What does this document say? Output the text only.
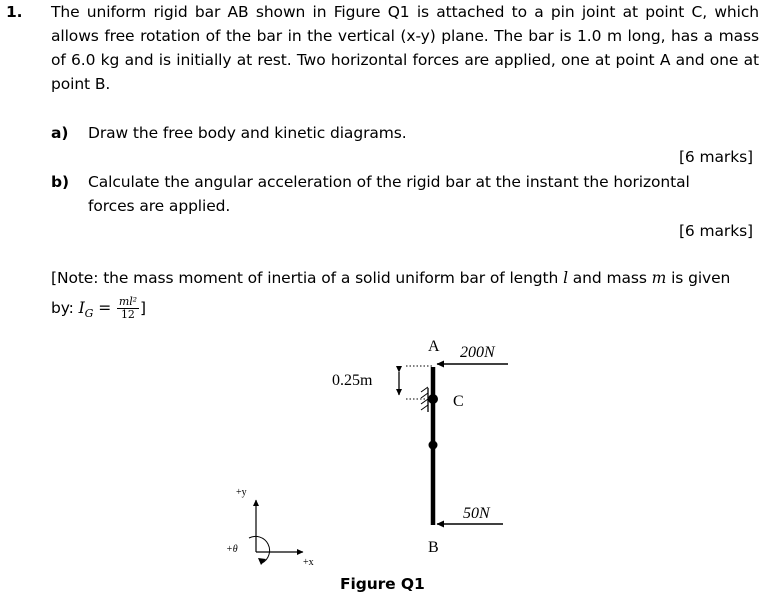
1. The uniform rigid bar AB shown in Figure Q1 is attached to a pin joint at point C, which allows free rotation of the bar in the vertical (x-y) plane. The bar is 1.0 m long, has a mass of 6.0 kg and is initially at rest. Two horizontal forces are applied, one at point A and one at point B.
a) Draw the free body and kinetic diagrams.
[6 marks]
b) Calculate the angular acceleration of the rigid bar at the instant the horizontal
forces are applied.
[6 marks]
[Note: the mass moment of inertia of a solid uniform bar of length l and mass m is given
by: $I_G = \frac{\text{ml²}}{12}$ ]
A 200N
0.25m
C
50N
B
+y
+x
+θ
Figure Q1
